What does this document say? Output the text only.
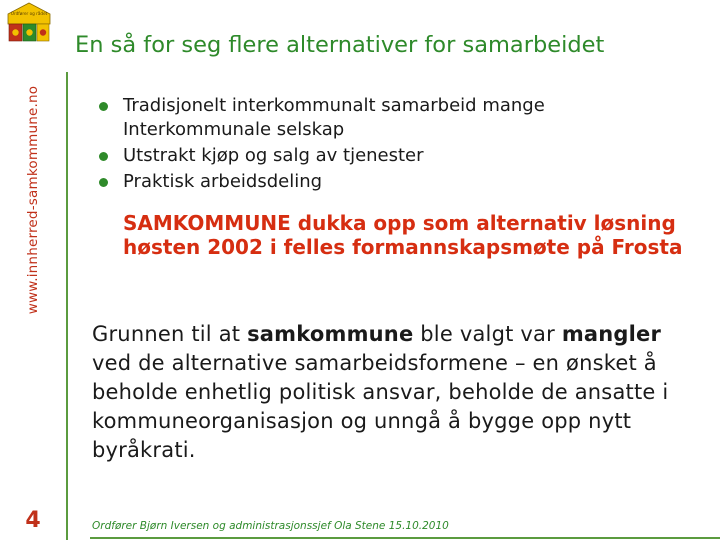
Ordfører og rådet
www.innherred-samkommune.no
4
En så for seg flere alternativer for samarbeidet
Tradisjonelt interkommunalt samarbeid mange Interkommunale selskap
Utstrakt kjøp og salg av tjenester
Praktisk arbeidsdeling
SAMKOMMUNE dukka opp som alternativ løsning høsten 2002 i felles formannskapsmøte på Frosta
Grunnen til at samkommune ble valgt var mangler ved de alternative samarbeidsformene – en ønsket å beholde enhetlig politisk ansvar, beholde de ansatte i kommuneorganisasjon og unngå å bygge opp nytt byråkrati.
Ordfører Bjørn Iversen og administrasjonssjef Ola Stene 15.10.2010
